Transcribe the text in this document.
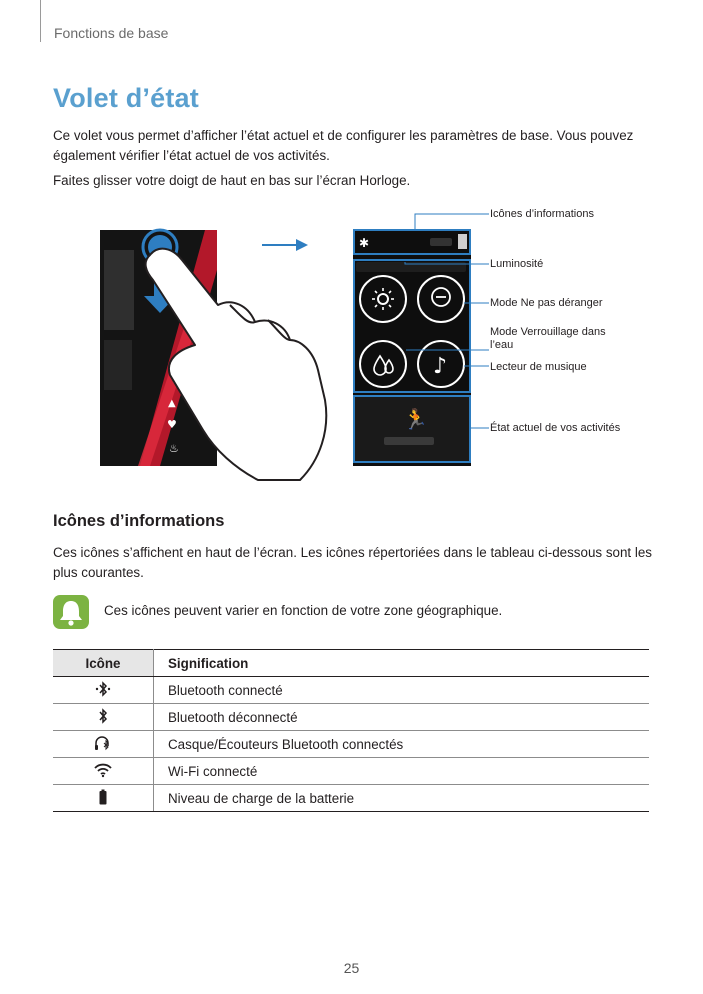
Fonctions de base
Volet d’état
Ce volet vous permet d’afficher l’état actuel et de configurer les paramètres de base. Vous pouvez également vérifier l’état actuel de vos activités.
Faites glisser votre doigt de haut en bas sur l’écran Horloge.
▲
♥
♨
✱
♪
🏃
Icônes d’informations
Luminosité
Mode Ne pas déranger
Mode Verrouillage dans l’eau
Lecteur de musique
État actuel de vos activités
Icônes d’informations
Ces icônes s’affichent en haut de l’écran. Les icônes répertoriées dans le tableau ci-dessous sont les plus courantes.
Ces icônes peuvent varier en fonction de votre zone géographique.
Icône	Signification
	Bluetooth connecté
	Bluetooth déconnecté
	Casque/Écouteurs Bluetooth connectés
	Wi-Fi connecté
	Niveau de charge de la batterie
25
